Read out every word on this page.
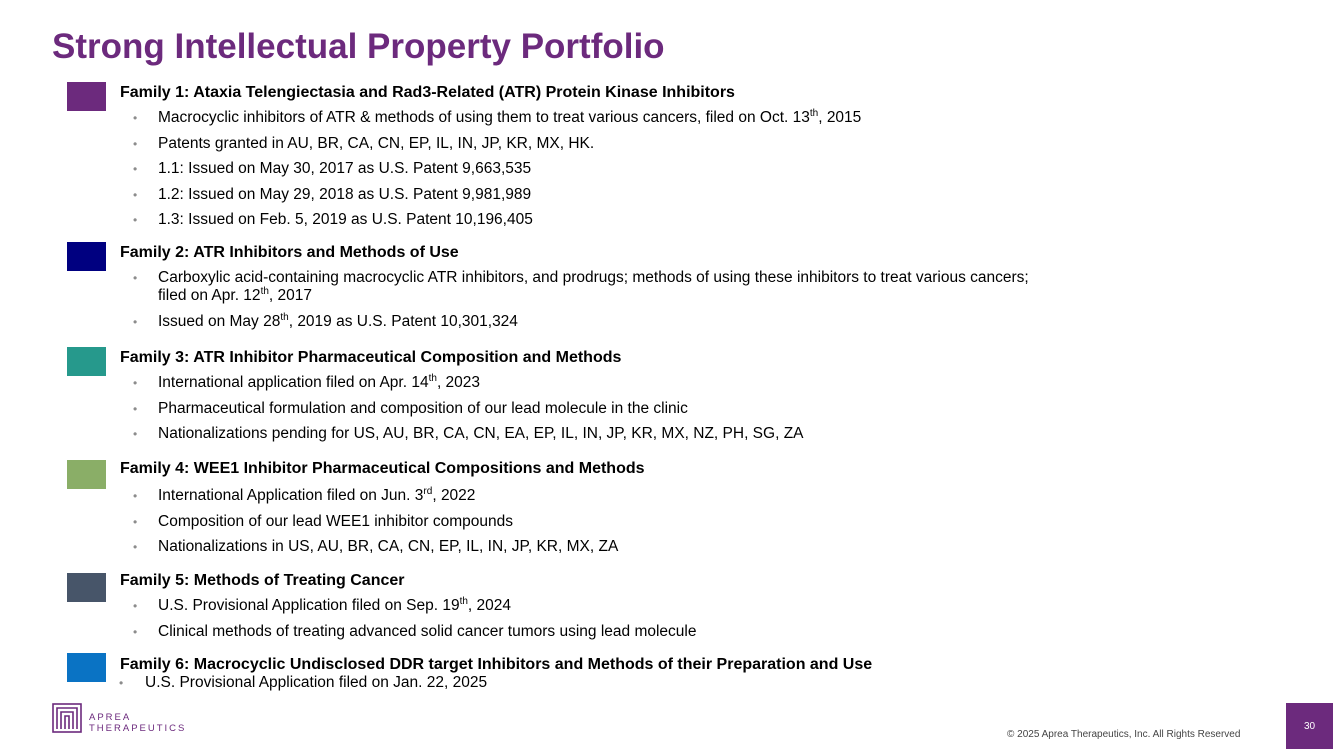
Strong Intellectual Property Portfolio
Family 1: Ataxia Telengiectasia and Rad3-Related (ATR) Protein Kinase Inhibitors
•	Macrocyclic inhibitors of ATR & methods of using them to treat various cancers, filed on Oct. 13th, 2015
•	Patents granted in AU, BR, CA, CN, EP, IL, IN, JP, KR, MX, HK.
•	1.1: Issued on May 30, 2017 as U.S. Patent 9,663,535
•	1.2: Issued on May 29, 2018 as U.S. Patent 9,981,989
•	1.3: Issued on Feb. 5, 2019 as U.S. Patent 10,196,405
Family 2: ATR Inhibitors and Methods of Use
• Carboxylic acid-containing macrocyclic ATR inhibitors, and prodrugs; methods of using these inhibitors to treat various cancers;
filed on Apr. 12th, 2017
•	Issued on May 28th, 2019 as U.S. Patent 10,301,324
Family 3: ATR Inhibitor Pharmaceutical Composition and Methods
•	International application filed on Apr. 14th, 2023
•	Pharmaceutical formulation and composition of our lead molecule in the clinic
•	Nationalizations pending for US, AU, BR, CA, CN, EA, EP, IL, IN, JP, KR, MX, NZ, PH, SG, ZA
Family 4: WEE1 Inhibitor Pharmaceutical Compositions and Methods
•	International Application filed on Jun. 3rd, 2022
•	Composition of our lead WEE1 inhibitor compounds
•	Nationalizations in US, AU, BR, CA, CN, EP, IL, IN, JP, KR, MX, ZA
Family 5: Methods of Treating Cancer
•	U.S. Provisional Application filed on Sep. 19th, 2024
•	Clinical methods of treating advanced solid cancer tumors using lead molecule
Family 6: Macrocyclic Undisclosed DDR target Inhibitors and Methods of their Preparation and Use
•	U.S. Provisional Application filed on Jan. 22, 2025
APREA
THERAPEUTICS
© 2025 Aprea Therapeutics, Inc. All Rights Reserved
30
